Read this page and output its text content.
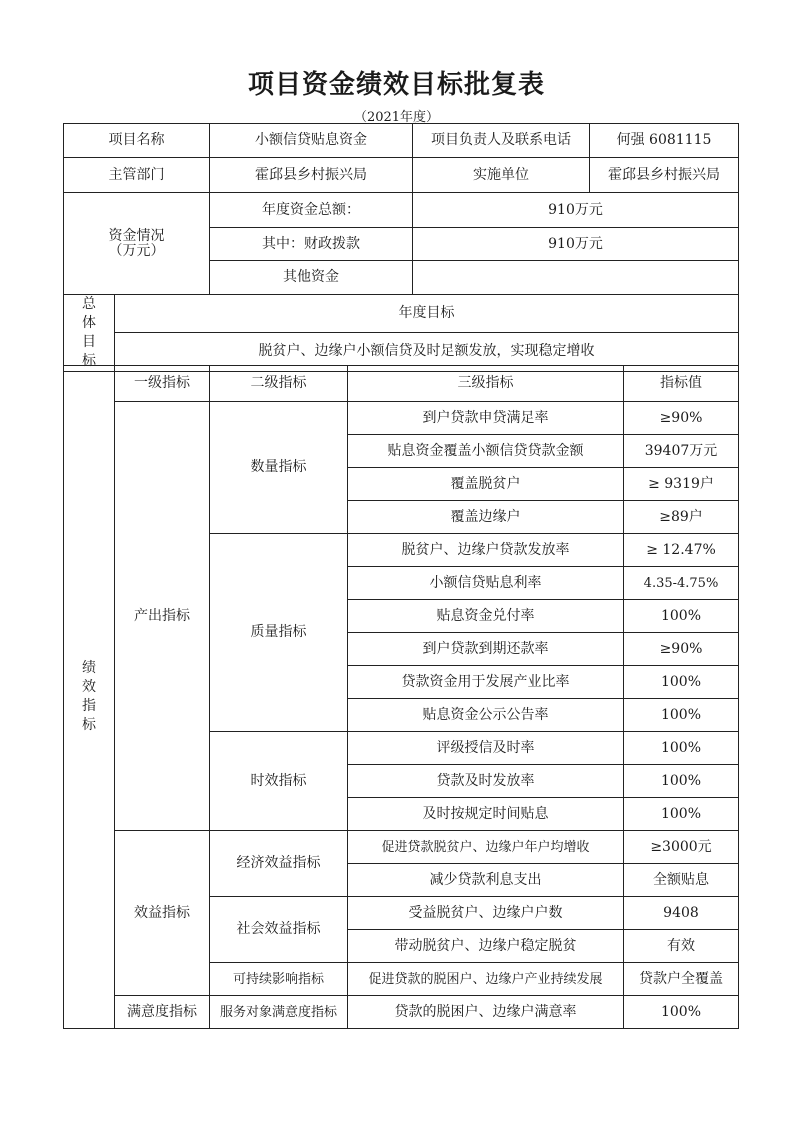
项目资金绩效目标批复表
（2021年度）
项目名称		小额信贷贴息资金	项目负责人及联系电话	何强 6081115
主管部门		霍邱县乡村振兴局	实施单位	霍邱县乡村振兴局
资金情况
（万元）		年度资金总额：	910万元	
		其中：财政拨款	910万元	
		其他资金		

总
体
目
标	年度目标			
	脱贫户、边缘户小额信贷及时足额发放，实现稳定增收			
绩
效
指
标	一级指标	二级指标	三级指标	指标值
	产出指标	数量指标	到户贷款申贷满足率	≥90%
			贴息资金覆盖小额信贷贷款金额	39407万元
			覆盖脱贫户	≥ 9319户
			覆盖边缘户	≥89户
		质量指标	脱贫户、边缘户贷款发放率	≥ 12.47%
			小额信贷贴息利率	4.35-4.75%
			贴息资金兑付率	100%
			到户贷款到期还款率	≥90%
			贷款资金用于发展产业比率	100%
			贴息资金公示公告率	100%
		时效指标	评级授信及时率	100%
			贷款及时发放率	100%
			及时按规定时间贴息	100%
	效益指标	经济效益指标	促进贷款脱贫户、边缘户年户均增收	≥3000元
			减少贷款利息支出	全额贴息
		社会效益指标	受益脱贫户、边缘户户数	9408
			带动脱贫户、边缘户稳定脱贫	有效
		可持续影响指标	促进贷款的脱困户、边缘户产业持续发展	贷款户全覆盖
	满意度指标	服务对象满意度指标	贷款的脱困户、边缘户满意率	100%
